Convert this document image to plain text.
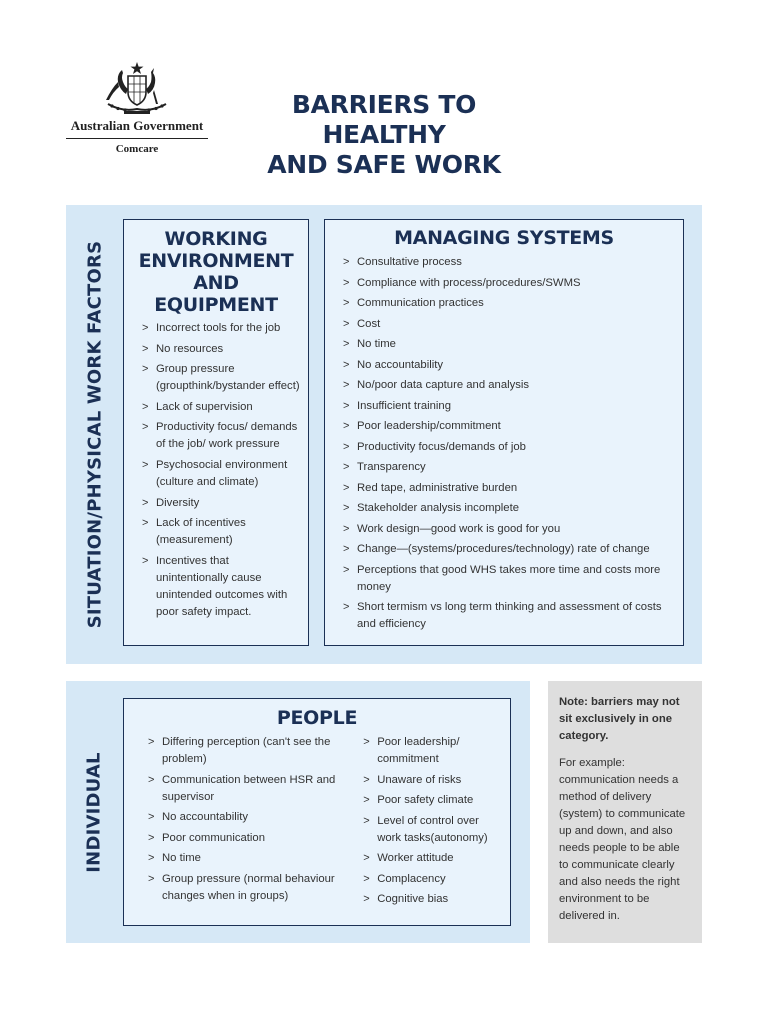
Australian Government
Comcare
BARRIERS TO HEALTHY
AND SAFE WORK
SITUATION/PHYSICAL WORK FACTORS
WORKING
ENVIRONMENT
AND EQUIPMENT
> Incorrect tools for the job
> No resources
> Group pressure (groupthink/bystander effect)
> Lack of supervision
> Productivity focus/ demands of the job/ work pressure
> Psychosocial environment (culture and climate)
> Diversity
> Lack of incentives (measurement)
> Incentives that unintentionally cause unintended outcomes with poor safety impact.
MANAGING SYSTEMS
> Consultative process
> Compliance with process/procedures/SWMS
> Communication practices
> Cost
> No time
> No accountability
> No/poor data capture and analysis
> Insufficient training
> Poor leadership/commitment
> Productivity focus/demands of job
> Transparency
> Red tape, administrative burden
> Stakeholder analysis incomplete
> Work design—good work is good for you
> Change—(systems/procedures/technology) rate of change
> Perceptions that good WHS takes more time and costs more money
> Short termism vs long term thinking and assessment of costs and efficiency
INDIVIDUAL
PEOPLE
> Differing perception (can't see the problem)
> Communication between HSR and supervisor
> No accountability
> Poor communication
> No time
> Group pressure (normal behaviour changes when in groups)
> Poor leadership/ commitment
> Unaware of risks
> Poor safety climate
> Level of control over work tasks(autonomy)
> Worker attitude
> Complacency
> Cognitive bias

Note: barriers may not sit exclusively in one category.

For example: communication needs a method of delivery (system) to communicate up and down, and also needs people to be able to communicate clearly and also needs the right environment to be delivered in.
